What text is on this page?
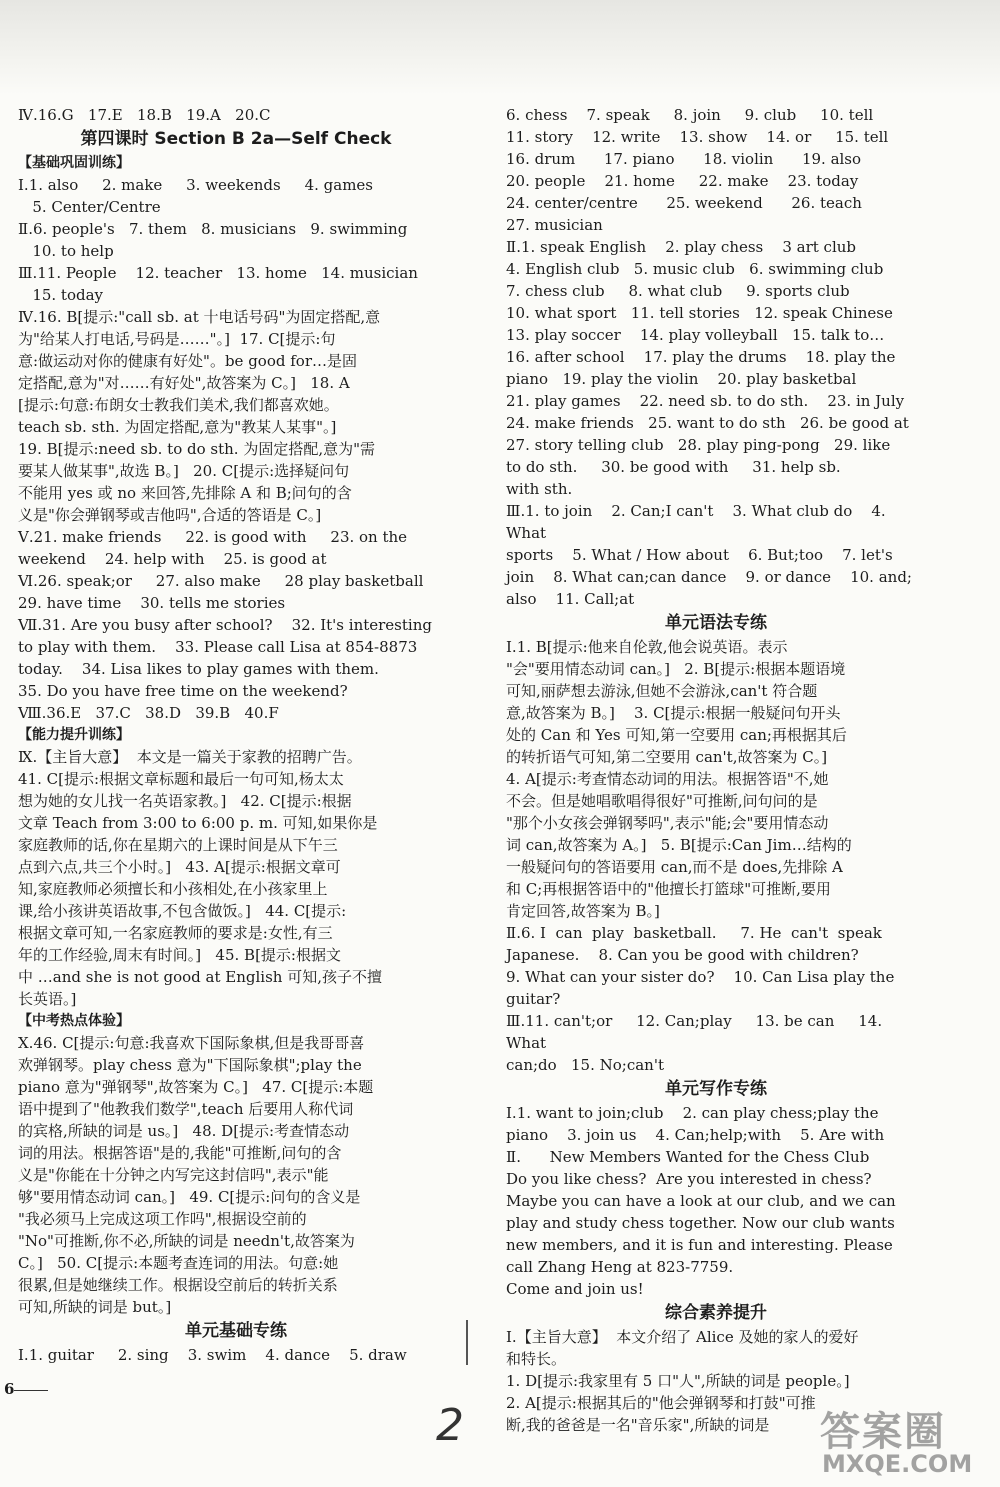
Ⅳ.16.G   17.E   18.B   19.A   20.C

第四课时 Section B 2a—Self Check

【基础巩固训练】

Ⅰ.1. also     2. make     3. weekends     4. games

5. Center/Centre

Ⅱ.6. people's   7. them   8. musicians   9. swimming

10. to help

Ⅲ.11. People    12. teacher   13. home   14. musician

15. today

Ⅳ.16. B[提示:"call sb. at 十电话号码"为固定搭配,意

为"给某人打电话,号码是……"。]  17. C[提示:句

意:做运动对你的健康有好处"。be good for…是固

定搭配,意为"对……有好处",故答案为 C。]   18. A

[提示:句意:布朗女士教我们美术,我们都喜欢她。

teach sb. sth. 为固定搭配,意为"教某人某事"。]

19. B[提示:need sb. to do sth. 为固定搭配,意为"需

要某人做某事",故选 B。]   20. C[提示:选择疑问句

不能用 yes 或 no 来回答,先排除 A 和 B;问句的含

义是"你会弹钢琴或吉他吗",合适的答语是 C。]

Ⅴ.21. make friends     22. is good with     23. on the

weekend    24. help with    25. is good at

Ⅵ.26. speak;or     27. also make     28 play basketball

29. have time    30. tells me stories

Ⅶ.31. Are you busy after school?    32. It's interesting

to play with them.    33. Please call Lisa at 854-8873

today.    34. Lisa likes to play games with them.

35. Do you have free time on the weekend?

Ⅷ.36.E   37.C   38.D   39.B   40.F

【能力提升训练】

Ⅸ.【主旨大意】  本文是一篇关于家教的招聘广告。

41. C[提示:根据文章标题和最后一句可知,杨太太

想为她的女儿找一名英语家教。]   42. C[提示:根据

文章 Teach from 3:00 to 6:00 p. m. 可知,如果你是

家庭教师的话,你在星期六的上课时间是从下午三

点到六点,共三个小时。]   43. A[提示:根据文章可

知,家庭教师必须擅长和小孩相处,在小孩家里上

课,给小孩讲英语故事,不包含做饭。]   44. C[提示:

根据文章可知,一名家庭教师的要求是:女性,有三

年的工作经验,周末有时间。]   45. B[提示:根据文

中 …and she is not good at English 可知,孩子不擅

长英语。]

【中考热点体验】

Ⅹ.46. C[提示:句意:我喜欢下国际象棋,但是我哥哥喜

欢弹钢琴。play chess 意为"下国际象棋";play the

piano 意为"弹钢琴",故答案为 C。]   47. C[提示:本题

语中提到了"他教我们数学",teach 后要用人称代词

的宾格,所缺的词是 us。]   48. D[提示:考查情态动

词的用法。根据答语"是的,我能"可推断,问句的含

义是"你能在十分钟之内写完这封信吗",表示"能

够"要用情态动词 can。]   49. C[提示:问句的含义是

"我必须马上完成这项工作吗",根据设空前的

"No"可推断,你不必,所缺的词是 needn't,故答案为

C。]   50. C[提示:本题考查连词的用法。句意:她

很累,但是她继续工作。根据设空前后的转折关系

可知,所缺的词是 but。]

单元基础专练

Ⅰ.1. guitar     2. sing    3. swim    4. dance    5. draw

6. chess    7. speak     8. join     9. club     10. tell

11. story    12. write    13. show    14. or     15. tell

16. drum      17. piano      18. violin      19. also

20. people    21. home     22. make    23. today

24. center/centre      25. weekend      26. teach

27. musician

Ⅱ.1. speak English    2. play chess    3 art club

4. English club   5. music club   6. swimming club

7. chess club     8. what club     9. sports club

10. what sport   11. tell stories   12. speak Chinese

13. play soccer    14. play volleyball   15. talk to…

16. after school    17. play the drums    18. play the

piano   19. play the violin    20. play basketbal

21. play games    22. need sb. to do sth.    23. in July

24. make friends   25. want to do sth   26. be good at

27. story telling club   28. play ping-pong   29. like

to do sth.     30. be good with     31. help sb.

with sth.

Ⅲ.1. to join    2. Can;I can't    3. What club do    4. What

sports    5. What / How about    6. But;too    7. let's

join    8. What can;can dance    9. or dance    10. and;

also    11. Call;at

单元语法专练

Ⅰ.1. B[提示:他来自伦敦,他会说英语。表示

"会"要用情态动词 can。]   2. B[提示:根据本题语境

可知,丽萨想去游泳,但她不会游泳,can't 符合题

意,故答案为 B。]    3. C[提示:根据一般疑问句开头

处的 Can 和 Yes 可知,第一空要用 can;再根据其后

的转折语气可知,第二空要用 can't,故答案为 C。]

4. A[提示:考查情态动词的用法。根据答语"不,她

不会。但是她唱歌唱得很好"可推断,问句问的是

"那个小女孩会弹钢琴吗",表示"能;会"要用情态动

词 can,故答案为 A。]   5. B[提示:Can Jim…结构的

一般疑问句的答语要用 can,而不是 does,先排除 A

和 C;再根据答语中的"他擅长打篮球"可推断,要用

肯定回答,故答案为 B。]

Ⅱ.6. I  can  play  basketball.     7. He  can't  speak

Japanese.    8. Can you be good with children?

9. What can your sister do?    10. Can Lisa play the

guitar?

Ⅲ.11. can't;or     12. Can;play     13. be can     14. What

can;do   15. No;can't

单元写作专练

Ⅰ.1. want to join;club    2. can play chess;play the

piano    3. join us    4. Can;help;with    5. Are with

Ⅱ.      New Members Wanted for the Chess Club

Do you like chess?  Are you interested in chess?

Maybe you can have a look at our club, and we can

play and study chess together. Now our club wants

new members, and it is fun and interesting. Please

call Zhang Heng at 823-7759.

Come and join us!

综合素养提升

Ⅰ.【主旨大意】  本文介绍了 Alice 及她的家人的爱好

和特长。

1. D[提示:我家里有 5 口"人",所缺的词是 people。]

2. A[提示:根据其后的"他会弹钢琴和打鼓"可推

断,我的爸爸是一名"音乐家",所缺的词是

6
2	答案圈
MXQE.COM
